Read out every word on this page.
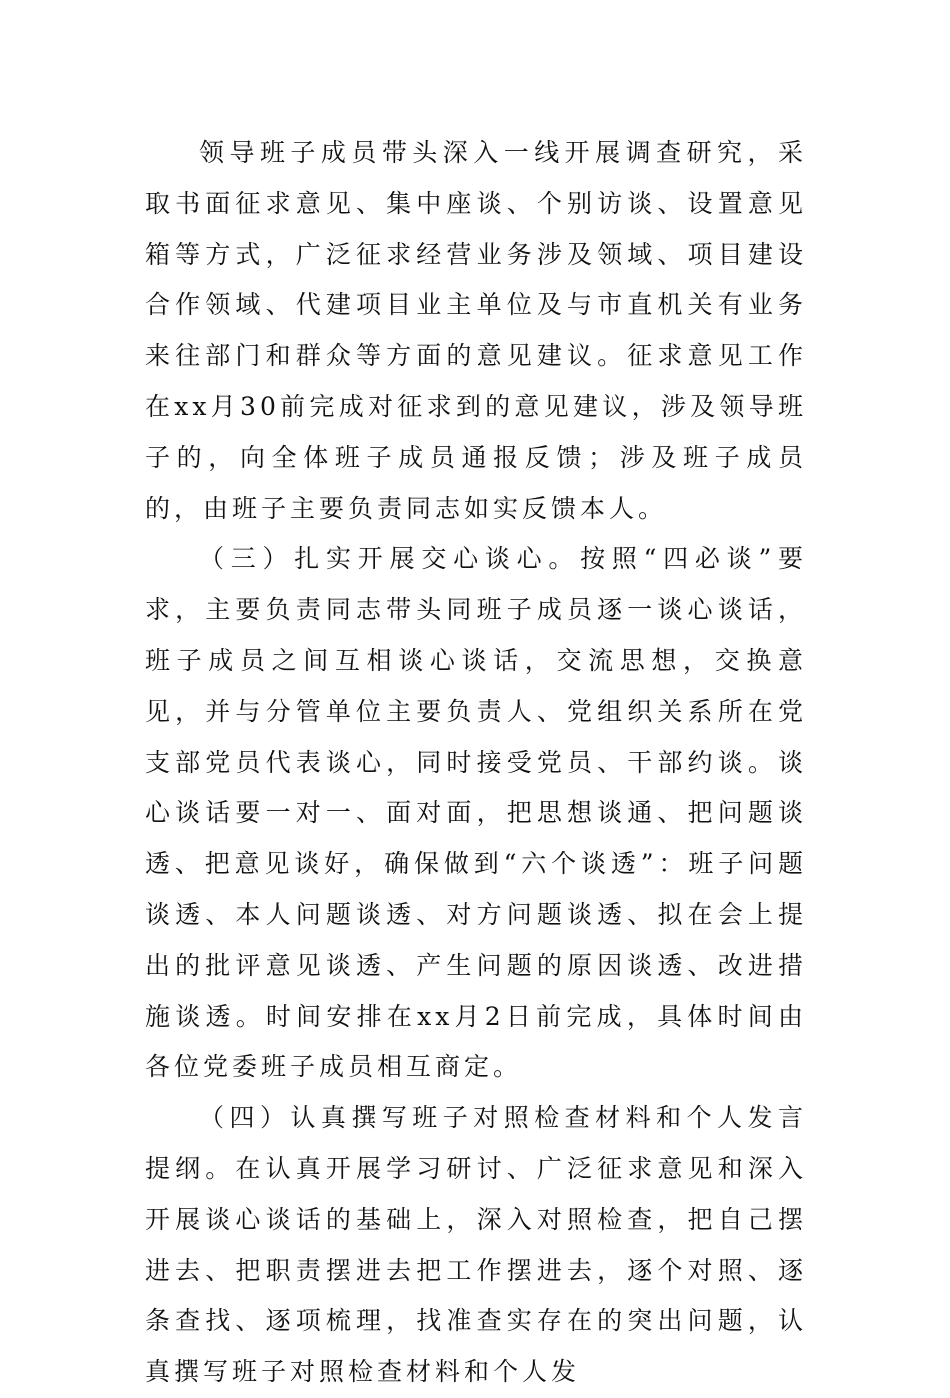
领导班子成员带头深入一线开展调查研究，采取书面征求意见、集中座谈、个别访谈、设置意见箱等方式，广泛征求经营业务涉及领域、项目建设合作领域、代建项目业主单位及与市直机关有业务来往部门和群众等方面的意见建议。征求意见工作在xx月30前完成对征求到的意见建议，涉及领导班子的，向全体班子成员通报反馈；涉及班子成员的，由班子主要负责同志如实反馈本人。

（三）扎实开展交心谈心。按照“四必谈”要求，主要负责同志带头同班子成员逐一谈心谈话，班子成员之间互相谈心谈话，交流思想，交换意见，并与分管单位主要负责人、党组织关系所在党支部党员代表谈心，同时接受党员、干部约谈。谈心谈话要一对一、面对面，把思想谈通、把问题谈透、把意见谈好，确保做到“六个谈透”：班子问题谈透、本人问题谈透、对方问题谈透、拟在会上提出的批评意见谈透、产生问题的原因谈透、改进措施谈透。时间安排在xx月2日前完成，具体时间由各位党委班子成员相互商定。

（四）认真撰写班子对照检查材料和个人发言提纲。在认真开展学习研讨、广泛征求意见和深入开展谈心谈话的基础上，深入对照检查，把自己摆进去、把职责摆进去把工作摆进去，逐个对照、逐条查找、逐项梳理，找准查实存在的突出问题，认真撰写班子对照检查材料和个人发
